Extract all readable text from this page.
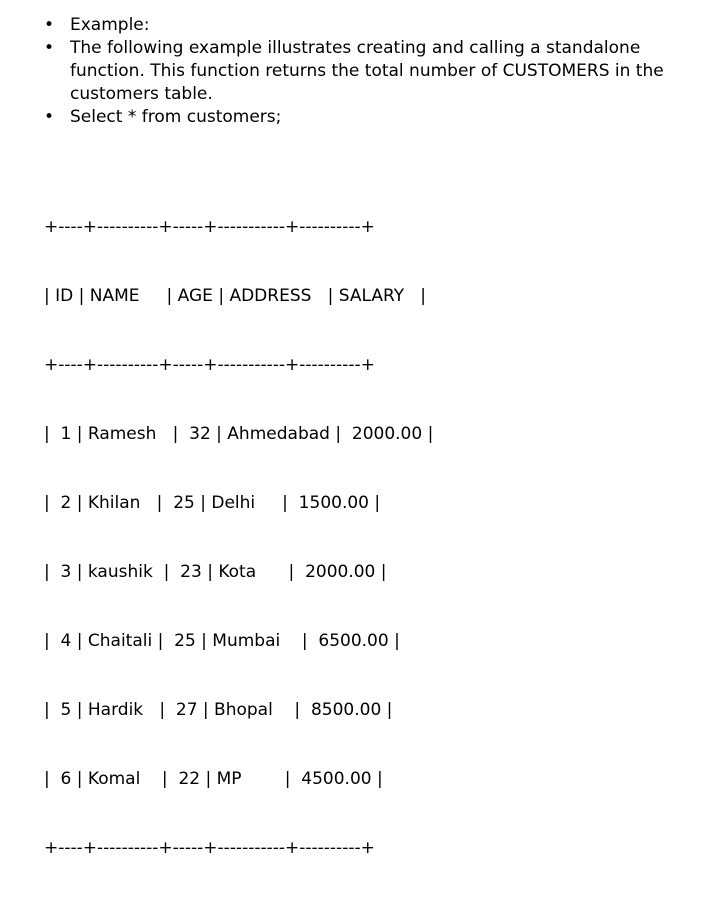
• Example:
• The following example illustrates creating and calling a standalone function. This function returns the total number of CUSTOMERS in the customers table.
• Select * from customers;

+----+----------+-----+-----------+----------+

| ID | NAME     | AGE | ADDRESS   | SALARY   |

+----+----------+-----+-----------+----------+

|  1 | Ramesh   |  32 | Ahmedabad |  2000.00 |

|  2 | Khilan   |  25 | Delhi     |  1500.00 |

|  3 | kaushik  |  23 | Kota      |  2000.00 |

|  4 | Chaitali |  25 | Mumbai    |  6500.00 |

|  5 | Hardik   |  27 | Bhopal    |  8500.00 |

|  6 | Komal    |  22 | MP        |  4500.00 |

+----+----------+-----+-----------+----------+
